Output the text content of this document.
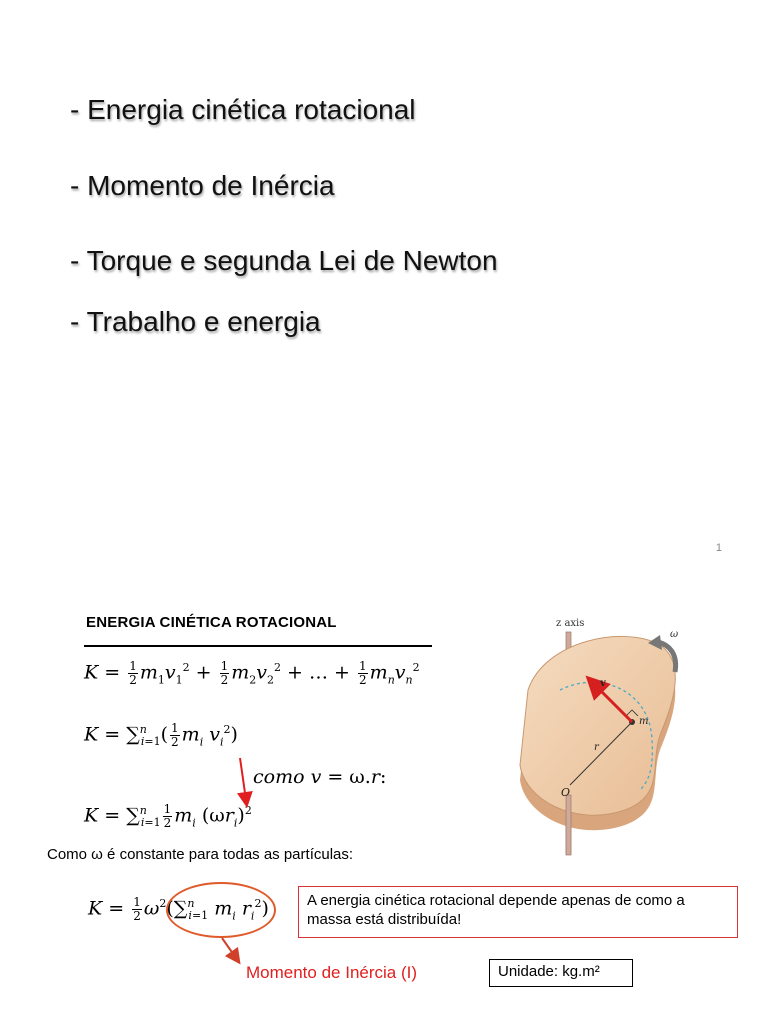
- Energia cinética rotacional
- Momento de Inércia
- Torque e segunda Lei de Newton
- Trabalho e energia
1
ENERGIA CINÉTICA ROTACIONAL
$K = \frac{1}{2} m_1v_1^2 + \frac{1}{2} m_2v_2^2$ + … + $\frac{1}{2} m_nv_n^2$
$K = \sum^n_{i=1}( \frac{1}{2} m_i$ $v_i^2$)
como v = ω.r:
$K = \sum^n_{i=1} \frac{1}{2} m_i$ $(\omega r_i)^2$
Como ω é constante para todas as partículas:
$K = \frac{1}{2} \omega^2(\sum^n_{i=1}$ $m_i$ $r_i^2$)	A energia cinética rotacional depende apenas de como a massa está distribuída!
Momento de Inércia (I)	Unidade: kg.m²
z axis
ω
v
m
r
O
